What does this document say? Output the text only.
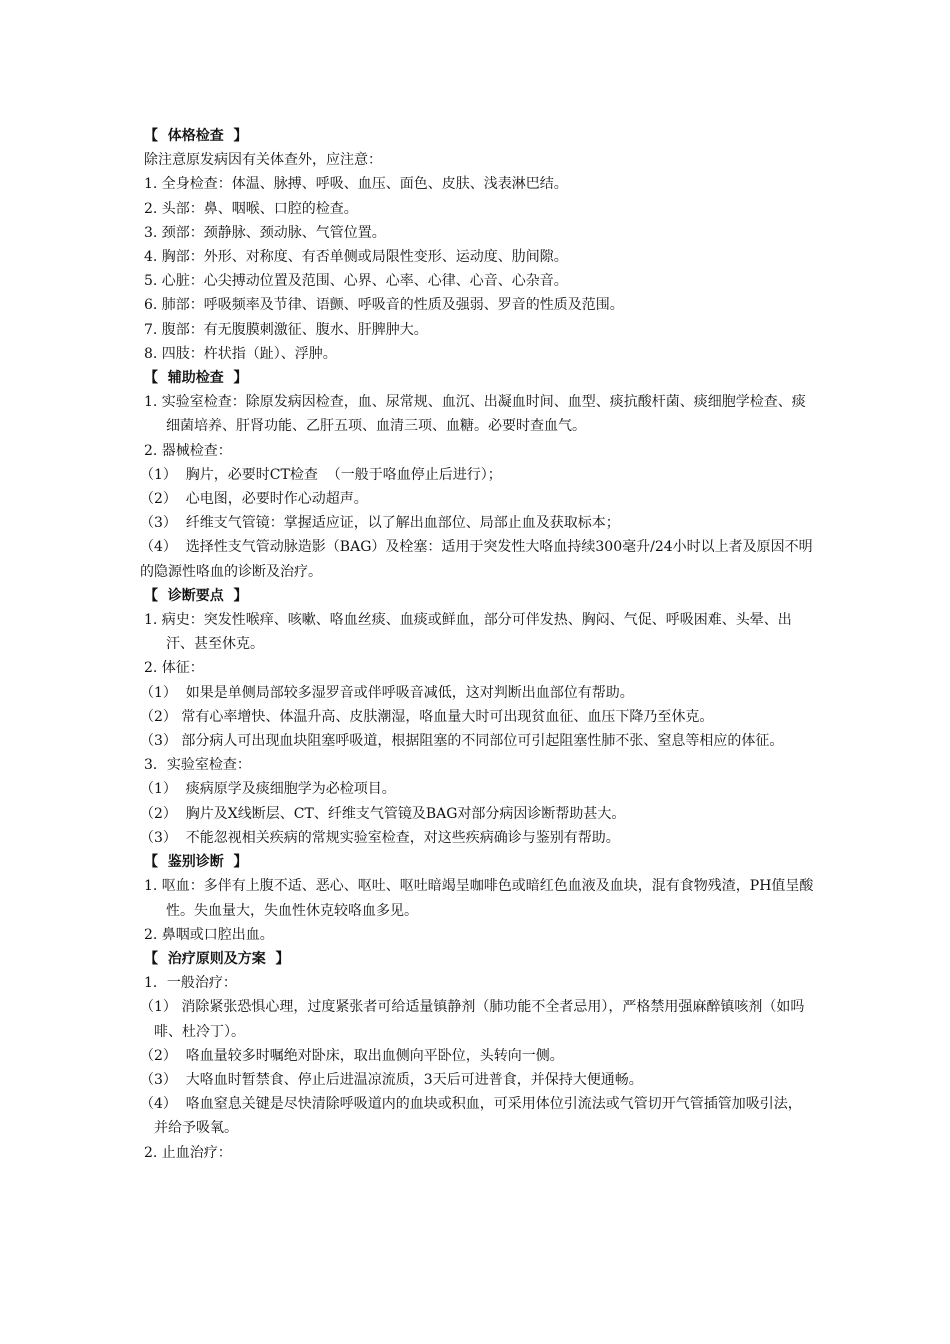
【  体格检查  】
除注意原发病因有关体查外，应注意：
1. 全身检查：体温、脉搏、呼吸、血压、面色、皮肤、浅表淋巴结。
2. 头部：鼻、咽喉、口腔的检查。
3. 颈部：颈静脉、颈动脉、气管位置。
4. 胸部：外形、对称度、有否单侧或局限性变形、运动度、肋间隙。
5. 心脏：心尖搏动位置及范围、心界、心率、心律、心音、心杂音。
6. 肺部：呼吸频率及节律、语颤、呼吸音的性质及强弱、罗音的性质及范围。
7. 腹部：有无腹膜刺激征、腹水、肝脾肿大。
8. 四肢：杵状指（趾）、浮肿。
【  辅助检查  】
1. 实验室检查：除原发病因检查，血、尿常规、血沉、出凝血时间、血型、痰抗酸杆菌、痰细胞学检查、痰细菌培养、肝肾功能、乙肝五项、血清三项、血糖。必要时查血气。
2. 器械检查：
（1）  胸片，必要时CT检查  （一般于咯血停止后进行）；
（2）  心电图，必要时作心动超声。
（3）  纤维支气管镜：掌握适应证，以了解出血部位、局部止血及获取标本；
（4）  选择性支气管动脉造影（BAG）及栓塞：适用于突发性大咯血持续300毫升/24小时以上者及原因不明的隐源性咯血的诊断及治疗。
【  诊断要点  】
1. 病史：突发性喉痒、咳嗽、咯血丝痰、血痰或鲜血，部分可伴发热、胸闷、气促、呼吸困难、头晕、出汗、甚至休克。
2. 体征：
（1）  如果是单侧局部较多湿罗音或伴呼吸音减低，这对判断出血部位有帮助。
（2） 常有心率增快、体温升高、皮肤潮湿，咯血量大时可出现贫血征、血压下降乃至休克。
（3） 部分病人可出现血块阻塞呼吸道，根据阻塞的不同部位可引起阻塞性肺不张、窒息等相应的体征。
3．实验室检查：
（1）  痰病原学及痰细胞学为必检项目。
（2）  胸片及X线断层、CT、纤维支气管镜及BAG对部分病因诊断帮助甚大。
（3）  不能忽视相关疾病的常规实验室检查，对这些疾病确诊与鉴别有帮助。
【  鉴别诊断  】
1. 呕血：多伴有上腹不适、恶心、呕吐、呕吐暗竭呈咖啡色或暗红色血液及血块，混有食物残渣，PH值呈酸性。失血量大，失血性休克较咯血多见。
2. 鼻咽或口腔出血。
【  治疗原则及方案  】
1．一般治疗：
（1） 消除紧张恐惧心理，过度紧张者可给适量镇静剂（肺功能不全者忌用），严格禁用强麻醉镇咳剂（如吗啡、杜冷丁）。
（2）  咯血量较多时嘱绝对卧床，取出血侧向平卧位，头转向一侧。
（3）  大咯血时暂禁食、停止后进温凉流质，3天后可进普食，并保持大便通畅。
（4）  咯血窒息关键是尽快清除呼吸道内的血块或积血，可采用体位引流法或气管切开气管插管加吸引法，并给予吸氧。
2. 止血治疗：
